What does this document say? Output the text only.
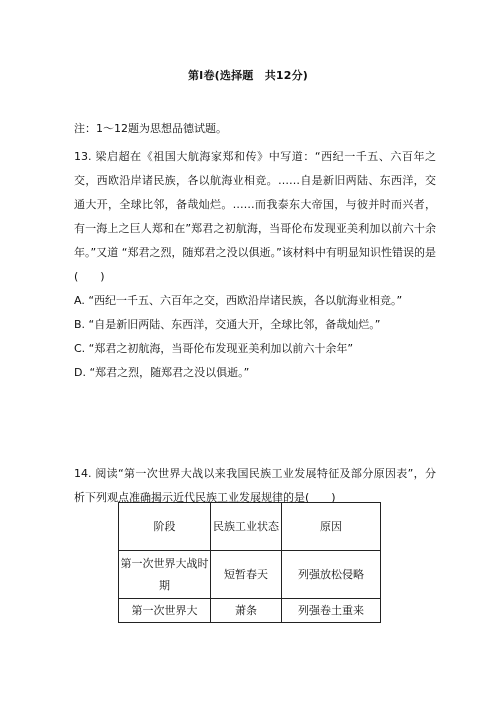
第Ⅰ卷(选择题　共12分)
注：1～12题为思想品德试题。
13. 梁启超在《祖国大航海家郑和传》中写道：“西纪一千五、六百年之交，西欧沿岸诸民族，各以航海业相竞。……自是新旧两陆、东西洋，交通大开，全球比邻，备哉灿烂。……而我泰东大帝国，与彼并时而兴者，有一海上之巨人郑和在”郑君之初航海，当哥伦布发现亚美利加以前六十余年。”又道 “郑君之烈，随郑君之没以俱逝。”该材料中有明显知识性错误的是(　　)
A. “西纪一千五、六百年之交，西欧沿岸诸民族，各以航海业相竞。”
B. “自是新旧两陆、东西洋，交通大开，全球比邻，备哉灿烂。”
C. “郑君之初航海，当哥伦布发现亚美利加以前六十余年”
D. “郑君之烈，随郑君之没以俱逝。”
14. 阅读“第一次世界大战以来我国民族工业发展特征及部分原因表”，分析下列观点准确揭示近代民族工业发展规律的是(　　)
阶段	民族工业状态	原因
第一次世界大战时期	短暂春天	列强放松侵略
第一次世界大	萧条	列强卷土重来
